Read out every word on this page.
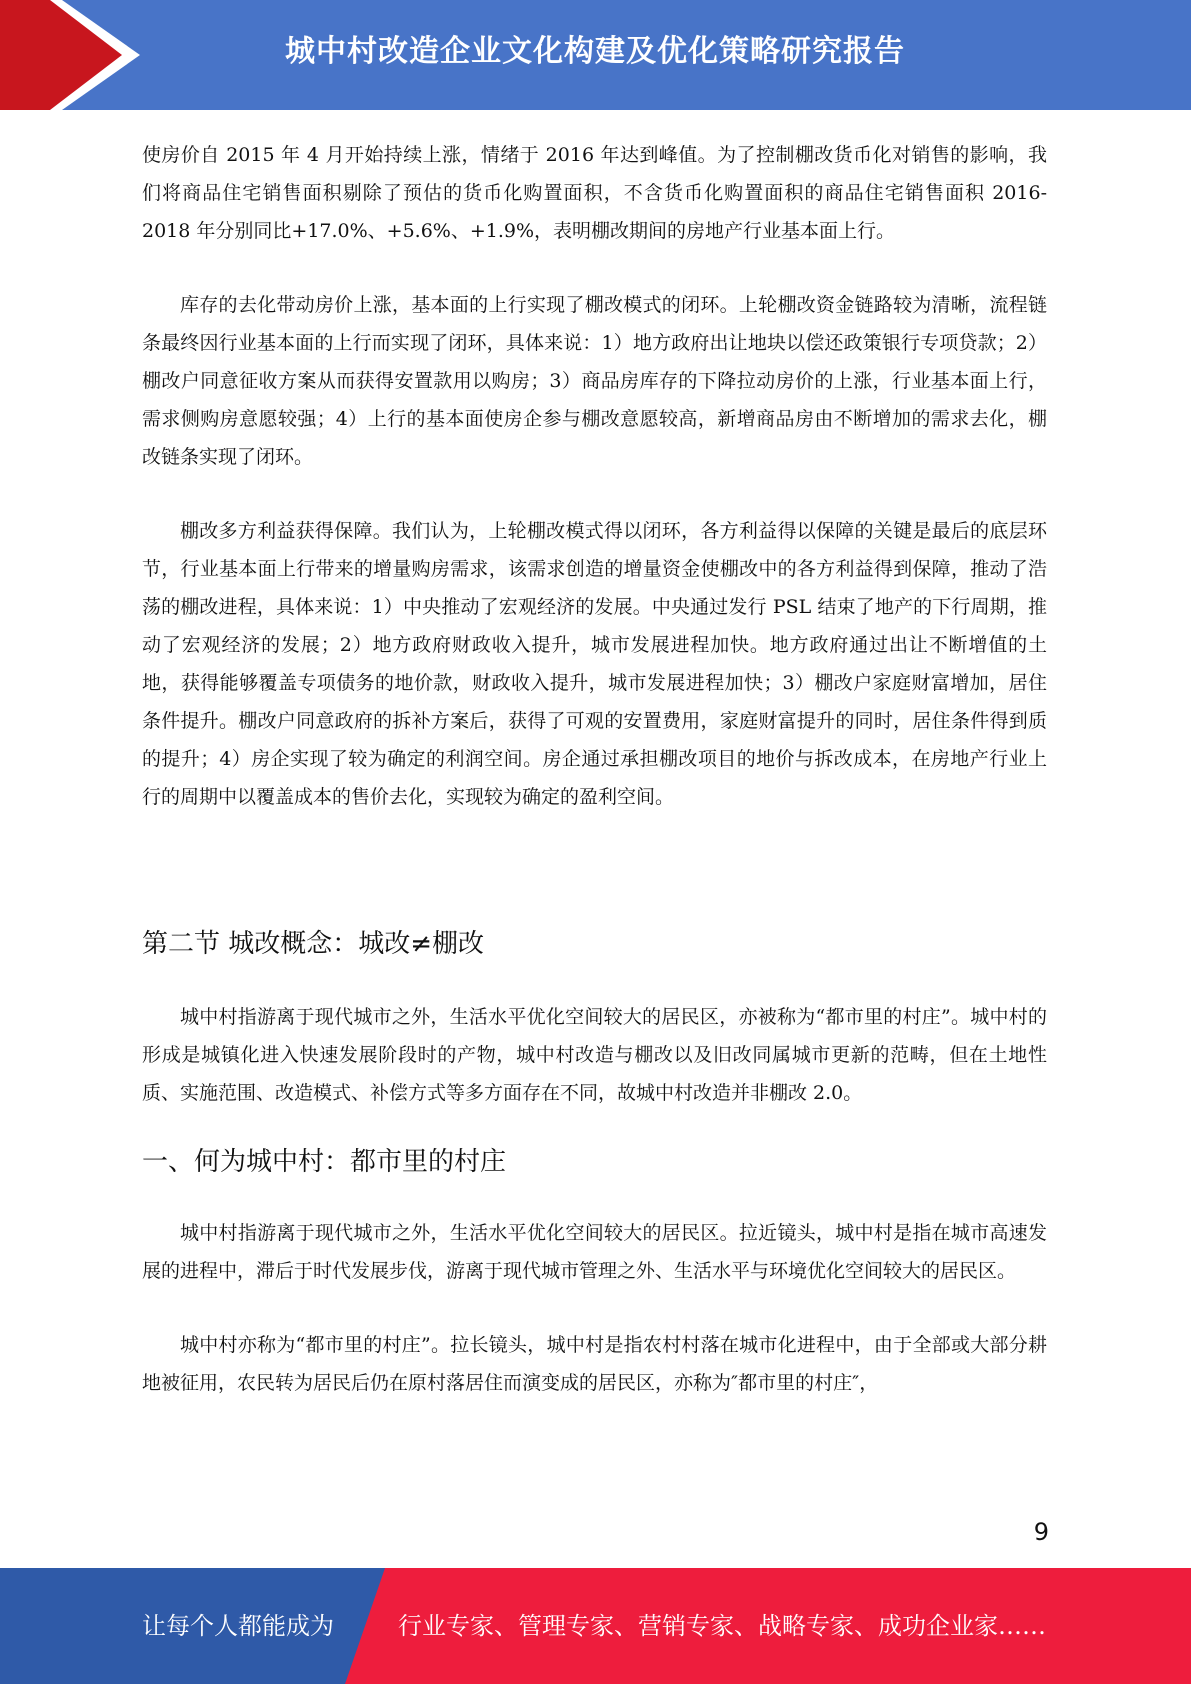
城中村改造企业文化构建及优化策略研究报告

使房价自 2015 年 4 月开始持续上涨，情绪于 2016 年达到峰值。为了控制棚改货币化对销售的影响，我们将商品住宅销售面积剔除了预估的货币化购置面积，不含货币化购置面积的商品住宅销售面积 2016-2018 年分别同比+17.0%、+5.6%、+1.9%，表明棚改期间的房地产行业基本面上行。

库存的去化带动房价上涨，基本面的上行实现了棚改模式的闭环。上轮棚改资金链路较为清晰，流程链条最终因行业基本面的上行而实现了闭环，具体来说：1）地方政府出让地块以偿还政策银行专项贷款；2）棚改户同意征收方案从而获得安置款用以购房；3）商品房库存的下降拉动房价的上涨，行业基本面上行，需求侧购房意愿较强；4）上行的基本面使房企参与棚改意愿较高，新增商品房由不断增加的需求去化，棚改链条实现了闭环。

棚改多方利益获得保障。我们认为，上轮棚改模式得以闭环，各方利益得以保障的关键是最后的底层环节，行业基本面上行带来的增量购房需求，该需求创造的增量资金使棚改中的各方利益得到保障，推动了浩荡的棚改进程，具体来说：1）中央推动了宏观经济的发展。中央通过发行 PSL 结束了地产的下行周期，推动了宏观经济的发展；2）地方政府财政收入提升，城市发展进程加快。地方政府通过出让不断增值的土地，获得能够覆盖专项债务的地价款，财政收入提升，城市发展进程加快；3）棚改户家庭财富增加，居住条件提升。棚改户同意政府的拆补方案后，获得了可观的安置费用，家庭财富提升的同时，居住条件得到质的提升；4）房企实现了较为确定的利润空间。房企通过承担棚改项目的地价与拆改成本，在房地产行业上行的周期中以覆盖成本的售价去化，实现较为确定的盈利空间。

第二节 城改概念：城改≠棚改

城中村指游离于现代城市之外，生活水平优化空间较大的居民区，亦被称为“都市里的村庄”。城中村的形成是城镇化进入快速发展阶段时的产物，城中村改造与棚改以及旧改同属城市更新的范畴，但在土地性质、实施范围、改造模式、补偿方式等多方面存在不同，故城中村改造并非棚改 2.0。

一、何为城中村：都市里的村庄

城中村指游离于现代城市之外，生活水平优化空间较大的居民区。拉近镜头，城中村是指在城市高速发展的进程中，滞后于时代发展步伐，游离于现代城市管理之外、生活水平与环境优化空间较大的居民区。

城中村亦称为“都市里的村庄”。拉长镜头，城中村是指农村村落在城市化进程中，由于全部或大部分耕地被征用，农民转为居民后仍在原村落居住而演变成的居民区，亦称为″都市里的村庄″，

9
让每个人都能成为	行业专家、管理专家、营销专家、战略专家、成功企业家……
